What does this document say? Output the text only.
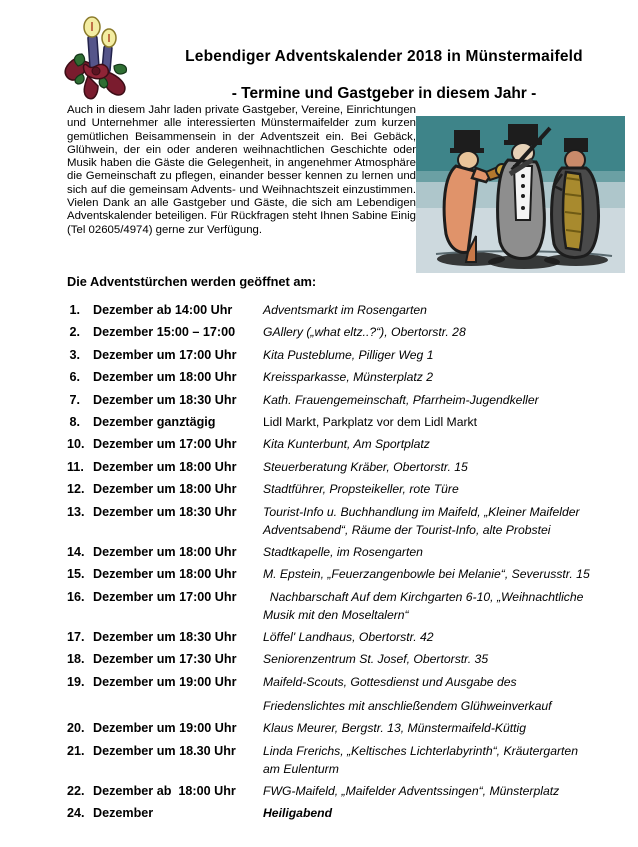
Lebendiger Adventskalender 2018 in Münstermaifeld
- Termine und Gastgeber in diesem Jahr -
Auch in diesem Jahr laden private Gastgeber, Vereine, Einrichtungen und Unternehmer alle interessierten Münstermaifelder zum kurzen gemütlichen Beisammensein in der Adventszeit ein. Bei Gebäck, Glühwein, der ein oder anderen weihnachtlichen Geschichte oder Musik haben die Gäste die Gelegenheit, in angenehmer Atmosphäre die Gemeinschaft zu pflegen, einander besser kennen zu lernen und sich auf die gemeinsam Advents- und Weihnachtszeit einzustimmen. Vielen Dank an alle Gastgeber und Gäste, die sich am Lebendigen Adventskalender beteiligen. Für Rückfragen steht Ihnen Sabine Einig (Tel 02605/4974) gerne zur Verfügung.
Die Adventstürchen werden geöffnet am:
1. Dezember ab 14:00 Uhr	Adventsmarkt im Rosengarten
2. Dezember 15:00 – 17:00	GAllery („what eltz..?“), Obertorstr. 28
3. Dezember um 17:00 Uhr	Kita Pusteblume, Pilliger Weg 1
6. Dezember um 18:00 Uhr	Kreissparkasse, Münsterplatz 2
7. Dezember um 18:30 Uhr	Kath. Frauengemeinschaft, Pfarrheim-Jugendkeller
8. Dezember ganztägig	Lidl Markt, Parkplatz vor dem Lidl Markt
10. Dezember um 17:00 Uhr	Kita Kunterbunt, Am Sportplatz
11. Dezember um 18:00 Uhr	Steuerberatung Kräber, Obertorstr. 15
12. Dezember um 18:00 Uhr	Stadtführer, Propsteikeller, rote Türe
13. Dezember um 18:30 Uhr	Tourist-Info u. Buchhandlung im Maifeld, „Kleiner Maifelder
Adventsabend“, Räume der Tourist-Info, alte Probstei
14. Dezember um 18:00 Uhr	Stadtkapelle, im Rosengarten
15. Dezember um 18:00 Uhr	M. Epstein, „Feuerzangenbowle bei Melanie“, Severusstr. 15
16. Dezember um 17:00 Uhr	Nachbarschaft Auf dem Kirchgarten 6-10, „Weihnachtliche
Musik mit den Moseltalern“
17. Dezember um 18:30 Uhr	Löffel' Landhaus, Obertorstr. 42
18. Dezember um 17:30 Uhr	Seniorenzentrum St. Josef, Obertorstr. 35
19. Dezember um 19:00 Uhr	Maifeld-Scouts, Gottesdienst und Ausgabe des
Friedenslichtes mit anschließendem Glühweinverkauf
20. Dezember um 19:00 Uhr	Klaus Meurer, Bergstr. 13, Münstermaifeld-Küttig
21. Dezember um 18.30 Uhr	Linda Frerichs, „Keltisches Lichterlabyrinth“, Kräutergarten
am Eulenturm
22. Dezember ab  18:00 Uhr	FWG-Maifeld, „Maifelder Adventssingen“, Münsterplatz
24. Dezember	Heiligabend
